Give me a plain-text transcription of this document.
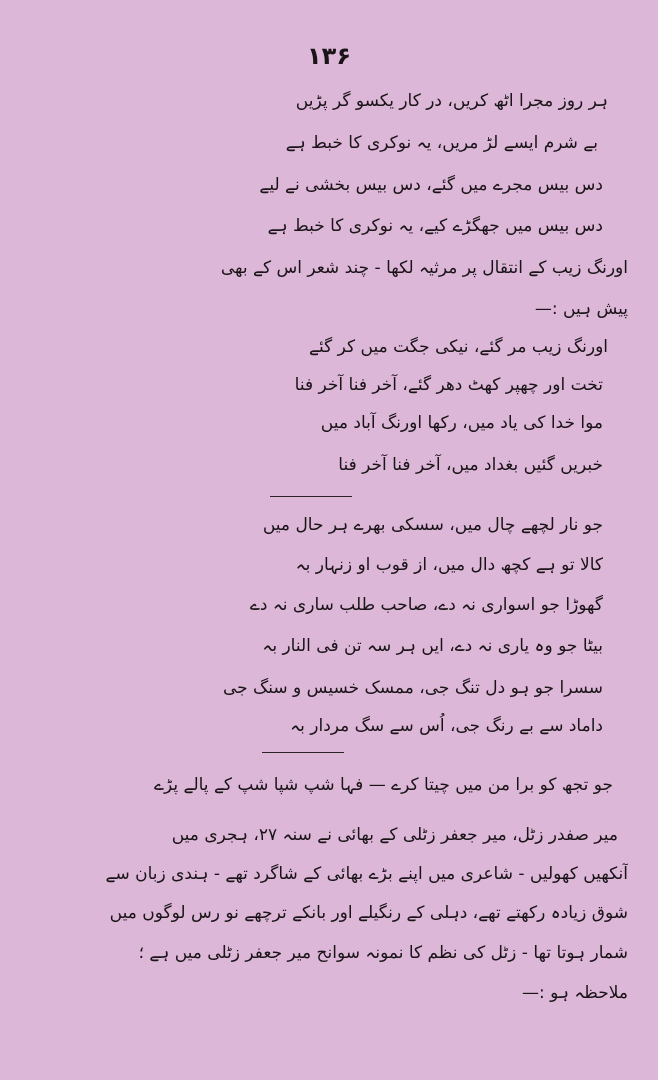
۱۳۶
ہر روز مجرا اٹھ کریں، در کار یکسو گر پڑیں
بے شرم ایسے لڑ مریں، یہ نوکری کا خبط ہے
دس بیس مجرے میں گئے، دس بیس بخشی نے لیے
دس بیس میں جھگڑے کیے، یہ نوکری کا خبط ہے
اورنگ زیب کے انتقال پر مرثیہ لکھا - چند شعر اس کے بھی
پیش ہیں :—
اورنگ زیب مر گئے، نیکی جگت میں کر گئے
تخت اور چھپر کھٹ دھر گئے، آخر فنا آخر فنا
موا خدا کی یاد میں، رکھا اورنگ آباد میں
خبریں گئیں بغداد میں، آخر فنا آخر فنا
جو نار لچھے چال میں، سسکی بھرے ہر حال میں
کالا تو ہے کچھ دال میں، از قوب او زنہار بہ
گھوڑا جو اسواری نہ دے، صاحب طلب ساری نہ دے
بیٹا جو وہ یاری نہ دے، ایں ہر سہ تن فی النار بہ
سسرا جو ہو دل تنگ جی، ممسک خسیس و سنگ جی
داماد سے بے رنگ جی، اُس سے سگ مردار بہ
جو تجھ کو برا من میں چیتا کرے — فہا شپ شپا شپ کے پالے پڑے
میر صفدر زٹل، میر جعفر زٹلی کے بھائی نے سنہ ۲۷، ہجری میں
آنکھیں کھولیں - شاعری میں اپنے بڑے بھائی کے شاگرد تھے - ہندی زبان سے
شوق زیادہ رکھتے تھے، دہلی کے رنگیلے اور بانکے ترچھے نو رس لوگوں میں
شمار ہوتا تھا - زٹل کی نظم کا نمونہ سوانح میر جعفر زٹلی میں ہے ؛
ملاحظہ ہو :—
